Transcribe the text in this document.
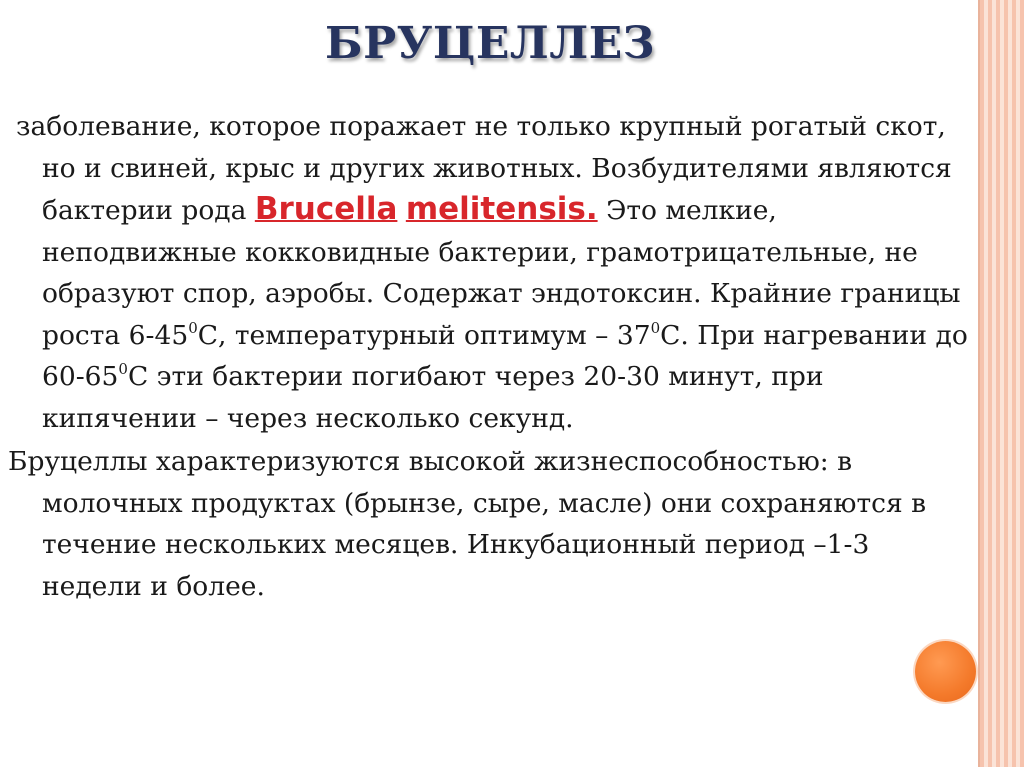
БРУЦЕЛЛЕЗ

заболевание, которое поражает не только крупный рогатый скот, но и свиней, крыс и других животных. Возбудителями являются бактерии рода Brucella melitensis. Это мелкие, неподвижные кокковидные бактерии, грамотрицательные, не образуют спор, аэробы. Содержат эндотоксин. Крайние границы роста $6-45^0С$, температурный оптимум – $37^0С$. При нагревании до $60-65^0С$ эти бактерии погибают через 20-30 минут, при кипячении – через несколько секунд.

Бруцеллы характеризуются высокой жизнеспособностью: в молочных продуктах (брынзе, сыре, масле) они сохраняются в течение нескольких месяцев. Инкубационный период –1-3 недели и более.
